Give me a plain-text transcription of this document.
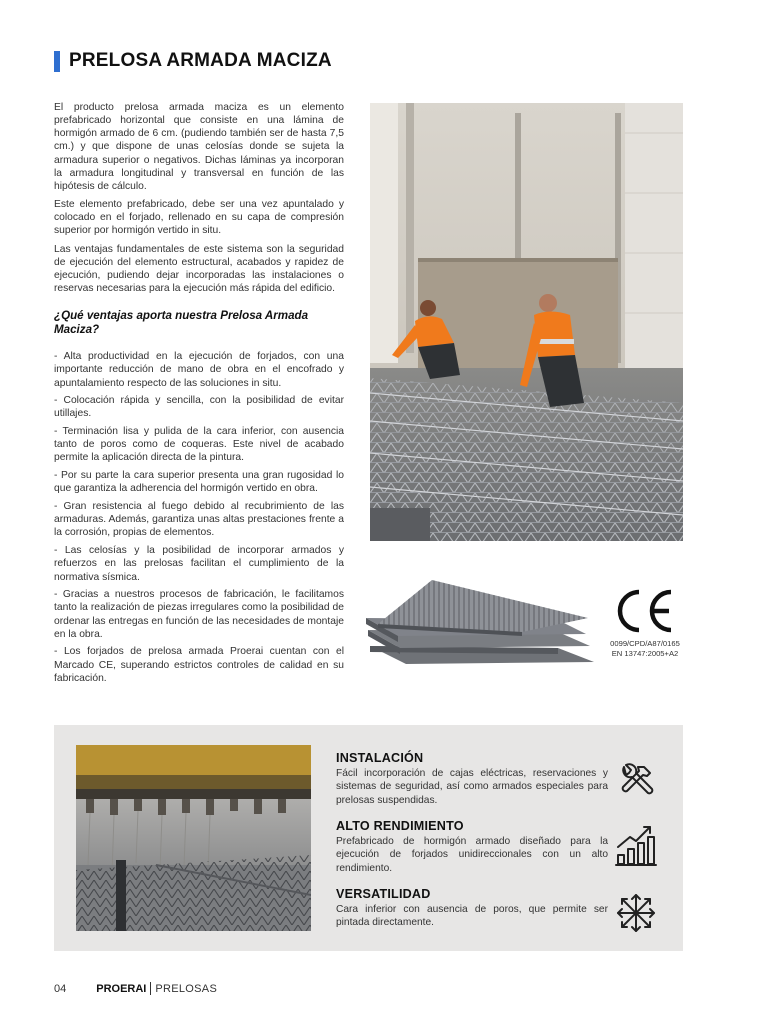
PRELOSA ARMADA MACIZA

El producto prelosa armada maciza es un elemento prefabricado horizontal que consiste en una lámina de hormigón armado de 6 cm. (pudiendo también ser de hasta 7,5 cm.) y que dispone de unas celosías donde se sujeta la armadura superior o negativos. Dichas láminas ya incorporan la armadura longitudinal y transversal en función de las hipótesis de cálculo.

Este elemento prefabricado, debe ser una vez apuntalado y colocado en el forjado, rellenado en su capa de compresión superior por hormigón vertido in situ.

Las ventajas fundamentales de este sistema son la seguridad de ejecución del elemento estructural, acabados y rapidez de ejecución, pudiendo dejar incorporadas las instalaciones o reservas necesarias para la ejecución más rápida del edificio.

¿Qué ventajas aporta nuestra Prelosa Armada Maciza?

- Alta productividad en la ejecución de forjados, con una importante reducción de mano de obra en el encofrado y apuntalamiento respecto de las soluciones in situ.

- Colocación rápida y sencilla, con la posibilidad de evitar utillajes.

- Terminación lisa y pulida de la cara inferior, con ausencia tanto de poros como de coqueras. Este nivel de acabado permite la aplicación directa de la pintura.

- Por su parte la cara superior presenta una gran rugosidad lo que garantiza la adherencia del hormigón vertido en obra.

- Gran resistencia al fuego debido al recubrimiento de las armaduras. Además, garantiza unas altas prestaciones frente a la corrosión, propias de elementos.

- Las celosías y la posibilidad de incorporar armados y refuerzos en las prelosas facilitan el cumplimiento de la normativa sísmica.

- Gracias a nuestros procesos de fabricación, le facilitamos tanto la realización de piezas irregulares como la posibilidad de ordenar las entregas en función de las necesidades de montaje en la obra.

- Los forjados de prelosa armada Proerai cuentan con el Marcado CE, superando estrictos controles de calidad en su fabricación.

0099/CPD/A87/0165
EN 13747:2005+A2
INSTALACIÓN

Fácil incorporación de cajas eléctricas, reservaciones y sistemas de seguridad, así como armados especiales para prelosas suspendidas.

ALTO RENDIMIENTO

Prefabricado de hormigón armado diseñado para la ejecución de forjados unidireccionales con un alto rendimiento.

VERSATILIDAD

Cara inferior con ausencia de poros, que permite ser pintada directamente.

04	PROERAI PRELOSAS
